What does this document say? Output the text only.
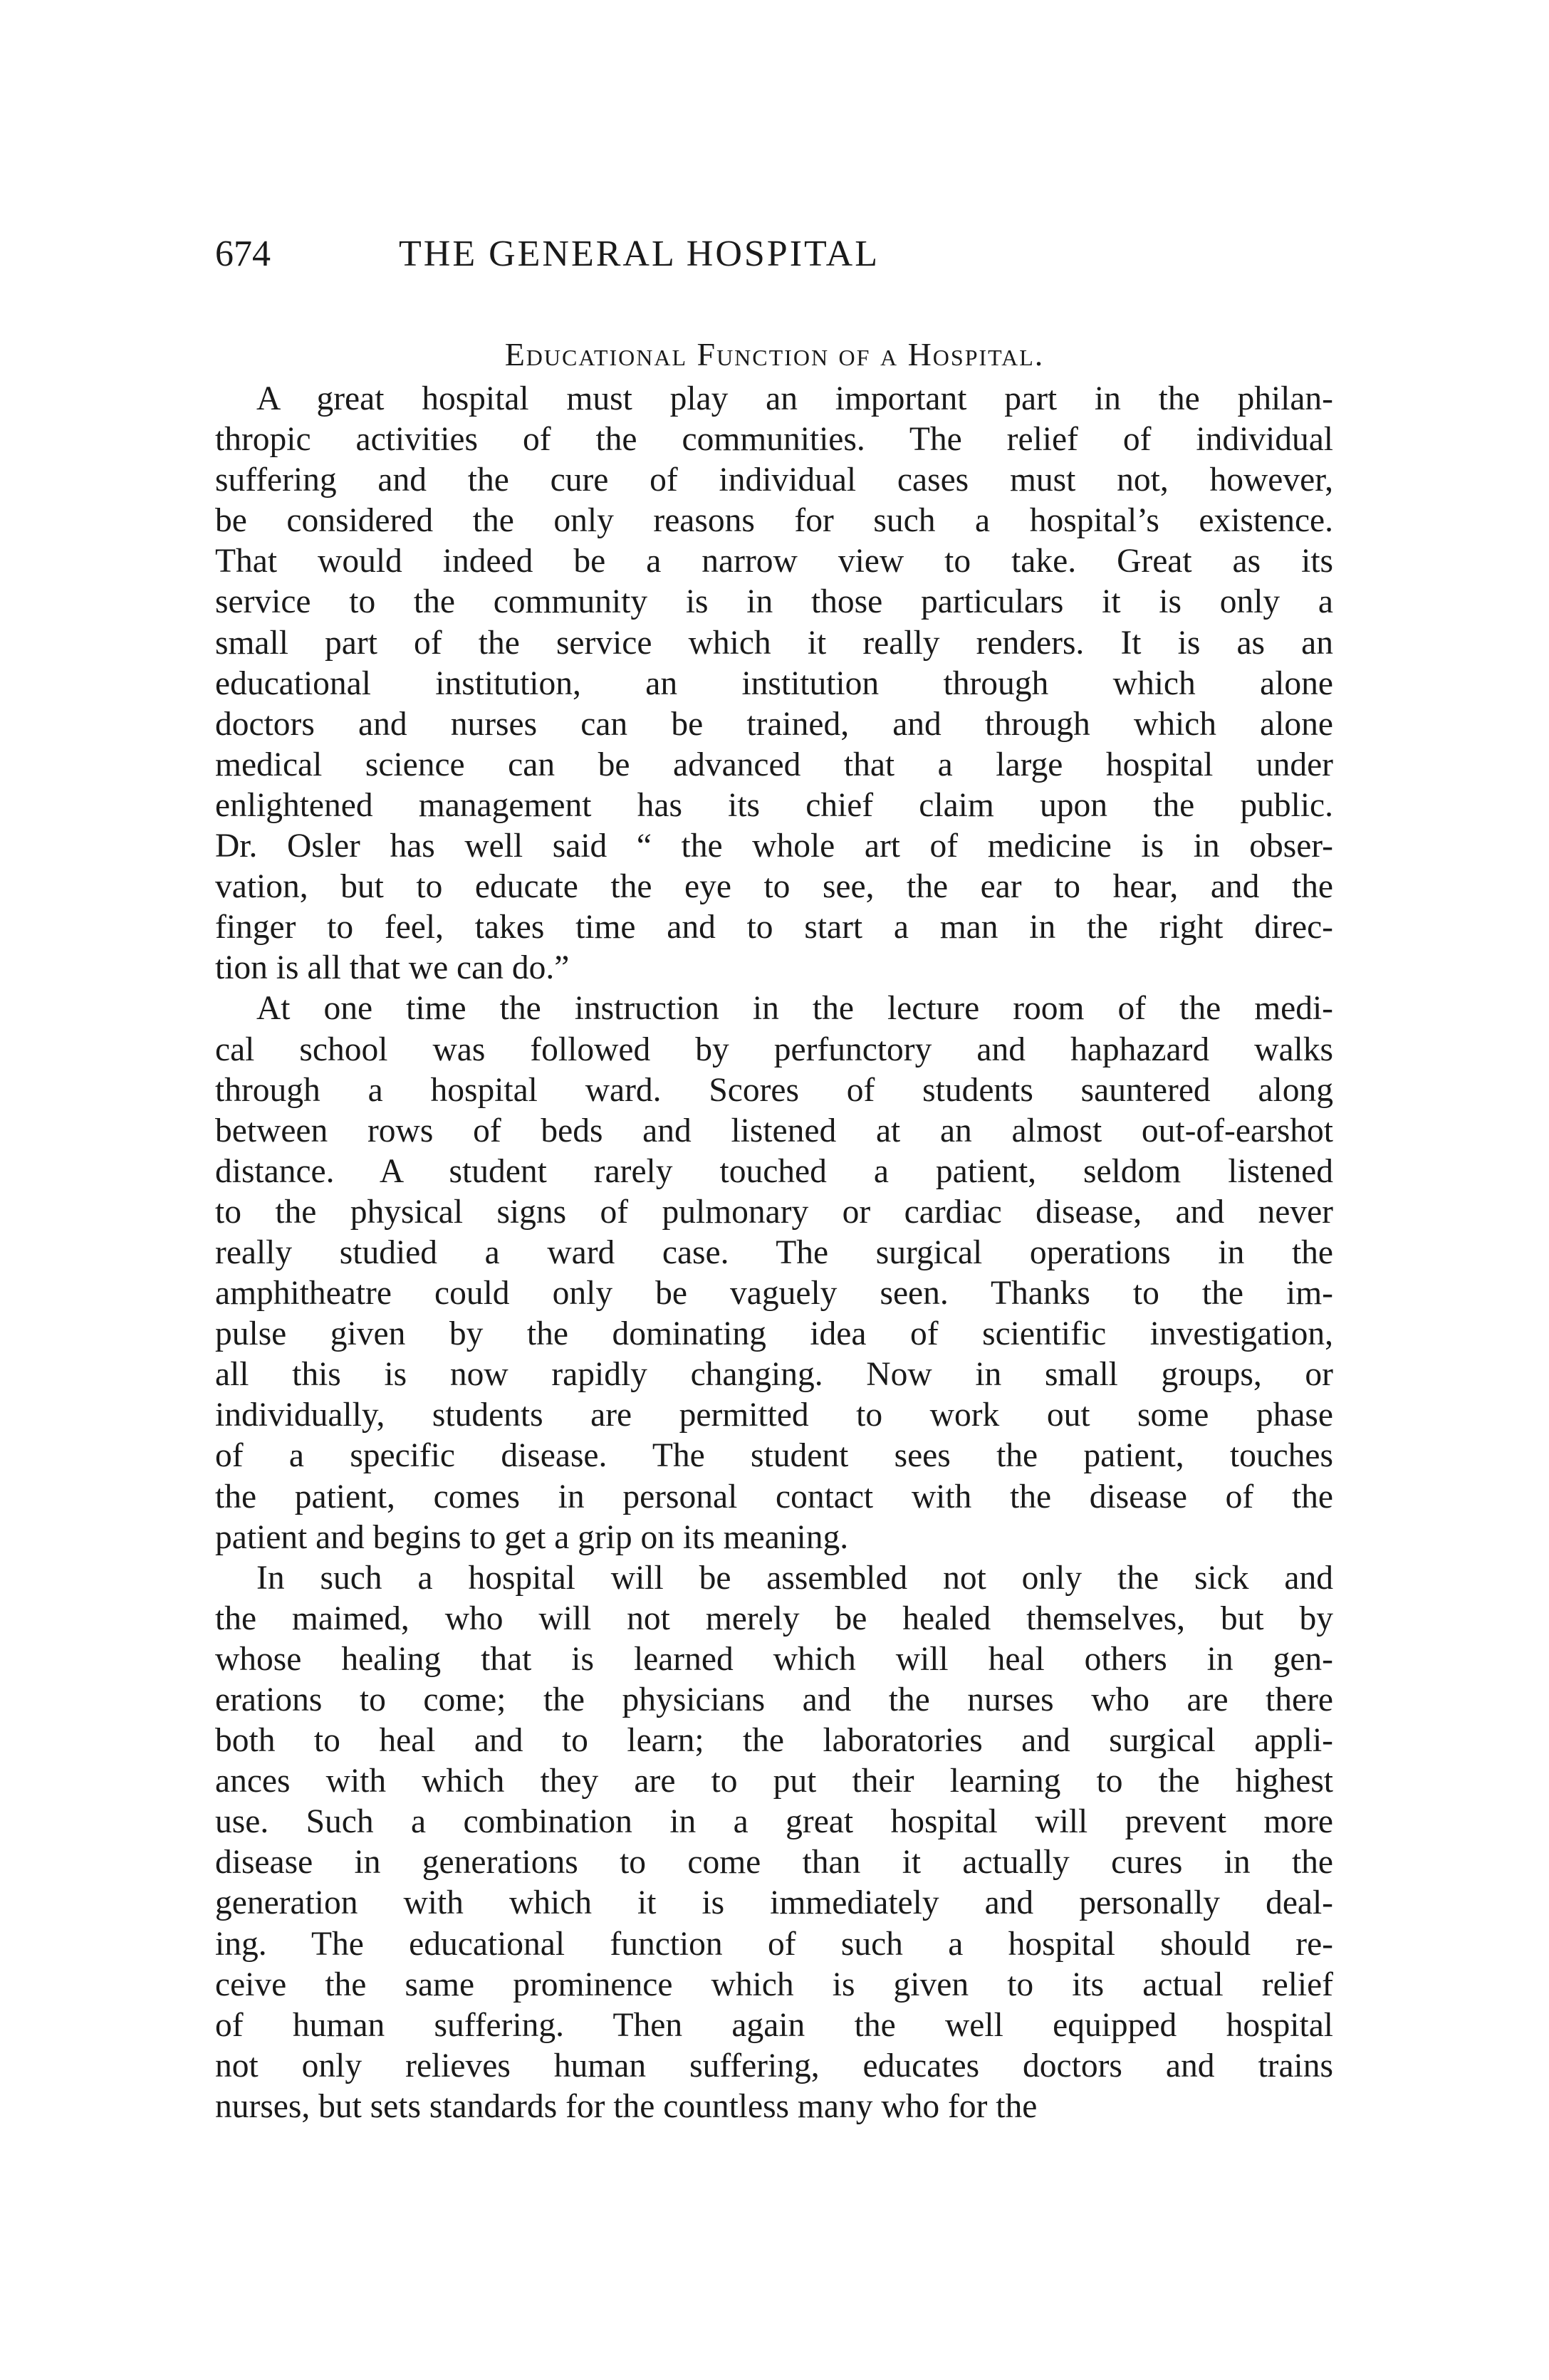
674	THE GENERAL HOSPITAL
Educational Function of a Hospital.
A great hospital must play an important part in the philan-
thropic activities of the communities. The relief of individual
suffering and the cure of individual cases must not, however,
be considered the only reasons for such a hospital’s existence.
That would indeed be a narrow view to take. Great as its
service to the community is in those particulars it is only a
small part of the service which it really renders. It is as an
educational institution, an institution through which alone
doctors and nurses can be trained, and through which alone
medical science can be advanced that a large hospital under
enlightened management has its chief claim upon the public.
Dr. Osler has well said “ the whole art of medicine is in obser-
vation, but to educate the eye to see, the ear to hear, and the
finger to feel, takes time and to start a man in the right direc-
tion is all that we can do.”
At one time the instruction in the lecture room of the medi-
cal school was followed by perfunctory and haphazard walks
through a hospital ward. Scores of students sauntered along
between rows of beds and listened at an almost out-of-earshot
distance. A student rarely touched a patient, seldom listened
to the physical signs of pulmonary or cardiac disease, and never
really studied a ward case. The surgical operations in the
amphitheatre could only be vaguely seen. Thanks to the im-
pulse given by the dominating idea of scientific investigation,
all this is now rapidly changing. Now in small groups, or
individually, students are permitted to work out some phase
of a specific disease. The student sees the patient, touches
the patient, comes in personal contact with the disease of the
patient and begins to get a grip on its meaning.
In such a hospital will be assembled not only the sick and
the maimed, who will not merely be healed themselves, but by
whose healing that is learned which will heal others in gen-
erations to come; the physicians and the nurses who are there
both to heal and to learn; the laboratories and surgical appli-
ances with which they are to put their learning to the highest
use. Such a combination in a great hospital will prevent more
disease in generations to come than it actually cures in the
generation with which it is immediately and personally deal-
ing. The educational function of such a hospital should re-
ceive the same prominence which is given to its actual relief
of human suffering. Then again the well equipped hospital
not only relieves human suffering, educates doctors and trains
nurses, but sets standards for the countless many who for the
